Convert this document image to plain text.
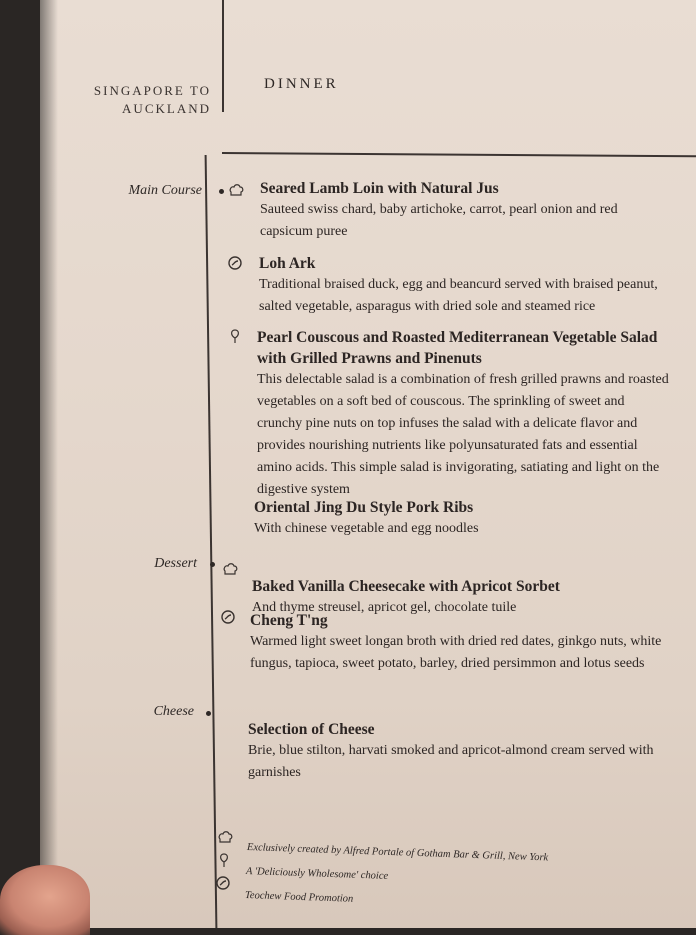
SINGAPORE TO
AUCKLAND
DINNER
Main Course
Dessert
Cheese
Seared Lamb Loin with Natural Jus
Sauteed swiss chard, baby artichoke, carrot, pearl onion and red capsicum puree
Loh Ark
Traditional braised duck, egg and beancurd served with braised peanut, salted vegetable, asparagus with dried sole and steamed rice
Pearl Couscous and Roasted Mediterranean Vegetable Salad with Grilled Prawns and Pinenuts
This delectable salad is a combination of fresh grilled prawns and roasted vegetables on a soft bed of couscous. The sprinkling of sweet and crunchy pine nuts on top infuses the salad with a delicate flavor and provides nourishing nutrients like polyunsaturated fats and essential amino acids. This simple salad is invigorating, satiating and light on the digestive system
Oriental Jing Du Style Pork Ribs
With chinese vegetable and egg noodles
Baked Vanilla Cheesecake with Apricot Sorbet
And thyme streusel, apricot gel, chocolate tuile
Cheng T'ng
Warmed light sweet longan broth with dried red dates, ginkgo nuts, white fungus, tapioca, sweet potato, barley, dried persimmon and lotus seeds
Selection of Cheese
Brie, blue stilton, harvati smoked and apricot-almond cream served with garnishes
Exclusively created by Alfred Portale of Gotham Bar & Grill, New York
A 'Deliciously Wholesome' choice
Teochew Food Promotion
